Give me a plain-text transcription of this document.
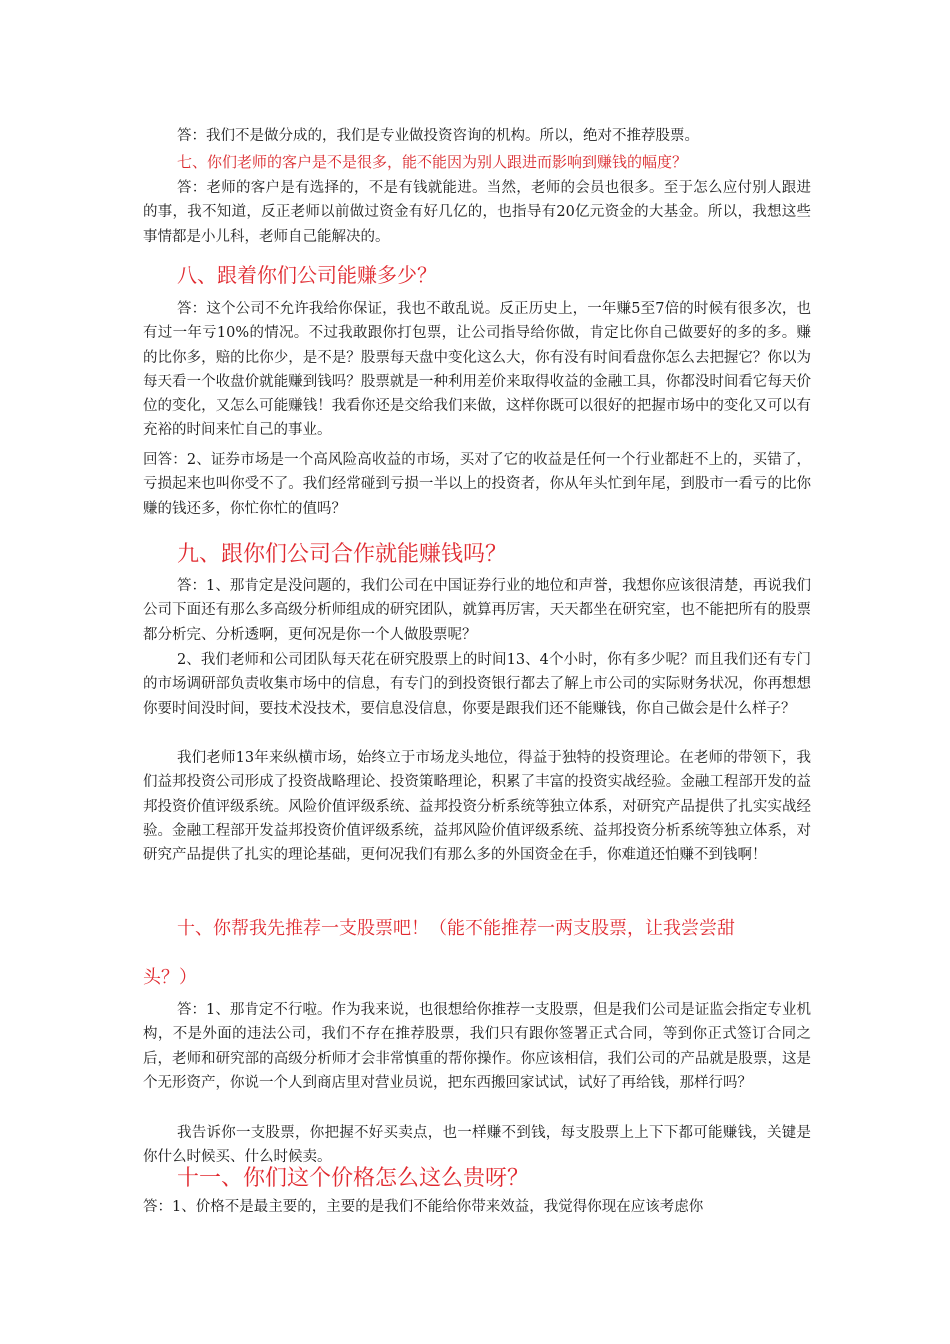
答：我们不是做分成的，我们是专业做投资咨询的机构。所以，绝对不推荐股票。

七、你们老师的客户是不是很多，能不能因为别人跟进而影响到赚钱的幅度？

答：老师的客户是有选择的，不是有钱就能进。当然，老师的会员也很多。至于怎么应付别人跟进的事，我不知道，反正老师以前做过资金有好几亿的，也指导有20亿元资金的大基金。所以，我想这些事情都是小儿科，老师自己能解决的。

八、跟着你们公司能赚多少？

答：这个公司不允许我给你保证，我也不敢乱说。反正历史上，一年赚5至7倍的时候有很多次，也有过一年亏10%的情况。不过我敢跟你打包票，让公司指导给你做，肯定比你自己做要好的多的多。赚的比你多，赔的比你少，是不是？股票每天盘中变化这么大，你有没有时间看盘你怎么去把握它？你以为每天看一个收盘价就能赚到钱吗？股票就是一种利用差价来取得收益的金融工具，你都没时间看它每天价位的变化，又怎么可能赚钱！我看你还是交给我们来做，这样你既可以很好的把握市场中的变化又可以有充裕的时间来忙自己的事业。

回答：2、证券市场是一个高风险高收益的市场，买对了它的收益是任何一个行业都赶不上的，买错了，亏损起来也叫你受不了。我们经常碰到亏损一半以上的投资者，你从年头忙到年尾，到股市一看亏的比你赚的钱还多，你忙你忙的值吗？

九、跟你们公司合作就能赚钱吗？

答：1、那肯定是没问题的，我们公司在中国证券行业的地位和声誉，我想你应该很清楚，再说我们公司下面还有那么多高级分析师组成的研究团队，就算再厉害，天天都坐在研究室，也不能把所有的股票都分析完、分析透啊，更何况是你一个人做股票呢？

2、我们老师和公司团队每天花在研究股票上的时间13、4个小时，你有多少呢？而且我们还有专门的市场调研部负责收集市场中的信息，有专门的到投资银行都去了解上市公司的实际财务状况，你再想想你要时间没时间，要技术没技术，要信息没信息，你要是跟我们还不能赚钱，你自己做会是什么样子？

我们老师13年来纵横市场，始终立于市场龙头地位，得益于独特的投资理论。在老师的带领下，我们益邦投资公司形成了投资战略理论、投资策略理论，积累了丰富的投资实战经验。金融工程部开发的益邦投资价值评级系统。风险价值评级系统、益邦投资分析系统等独立体系，对研究产品提供了扎实实战经验。金融工程部开发益邦投资价值评级系统，益邦风险价值评级系统、益邦投资分析系统等独立体系，对研究产品提供了扎实的理论基础，更何况我们有那么多的外国资金在手，你难道还怕赚不到钱啊！

十、你帮我先推荐一支股票吧！（能不能推荐一两支股票，让我尝尝甜

头？）

答：1、那肯定不行啦。作为我来说，也很想给你推荐一支股票，但是我们公司是证监会指定专业机构，不是外面的违法公司，我们不存在推荐股票，我们只有跟你签署正式合同，等到你正式签订合同之后，老师和研究部的高级分析师才会非常慎重的帮你操作。你应该相信，我们公司的产品就是股票，这是个无形资产，你说一个人到商店里对营业员说，把东西搬回家试试，试好了再给钱，那样行吗？

我告诉你一支股票，你把握不好买卖点，也一样赚不到钱，每支股票上上下下都可能赚钱，关键是你什么时候买、什么时候卖。

十一、你们这个价格怎么这么贵呀？

答：1、价格不是最主要的，主要的是我们不能给你带来效益，我觉得你现在应该考虑你
